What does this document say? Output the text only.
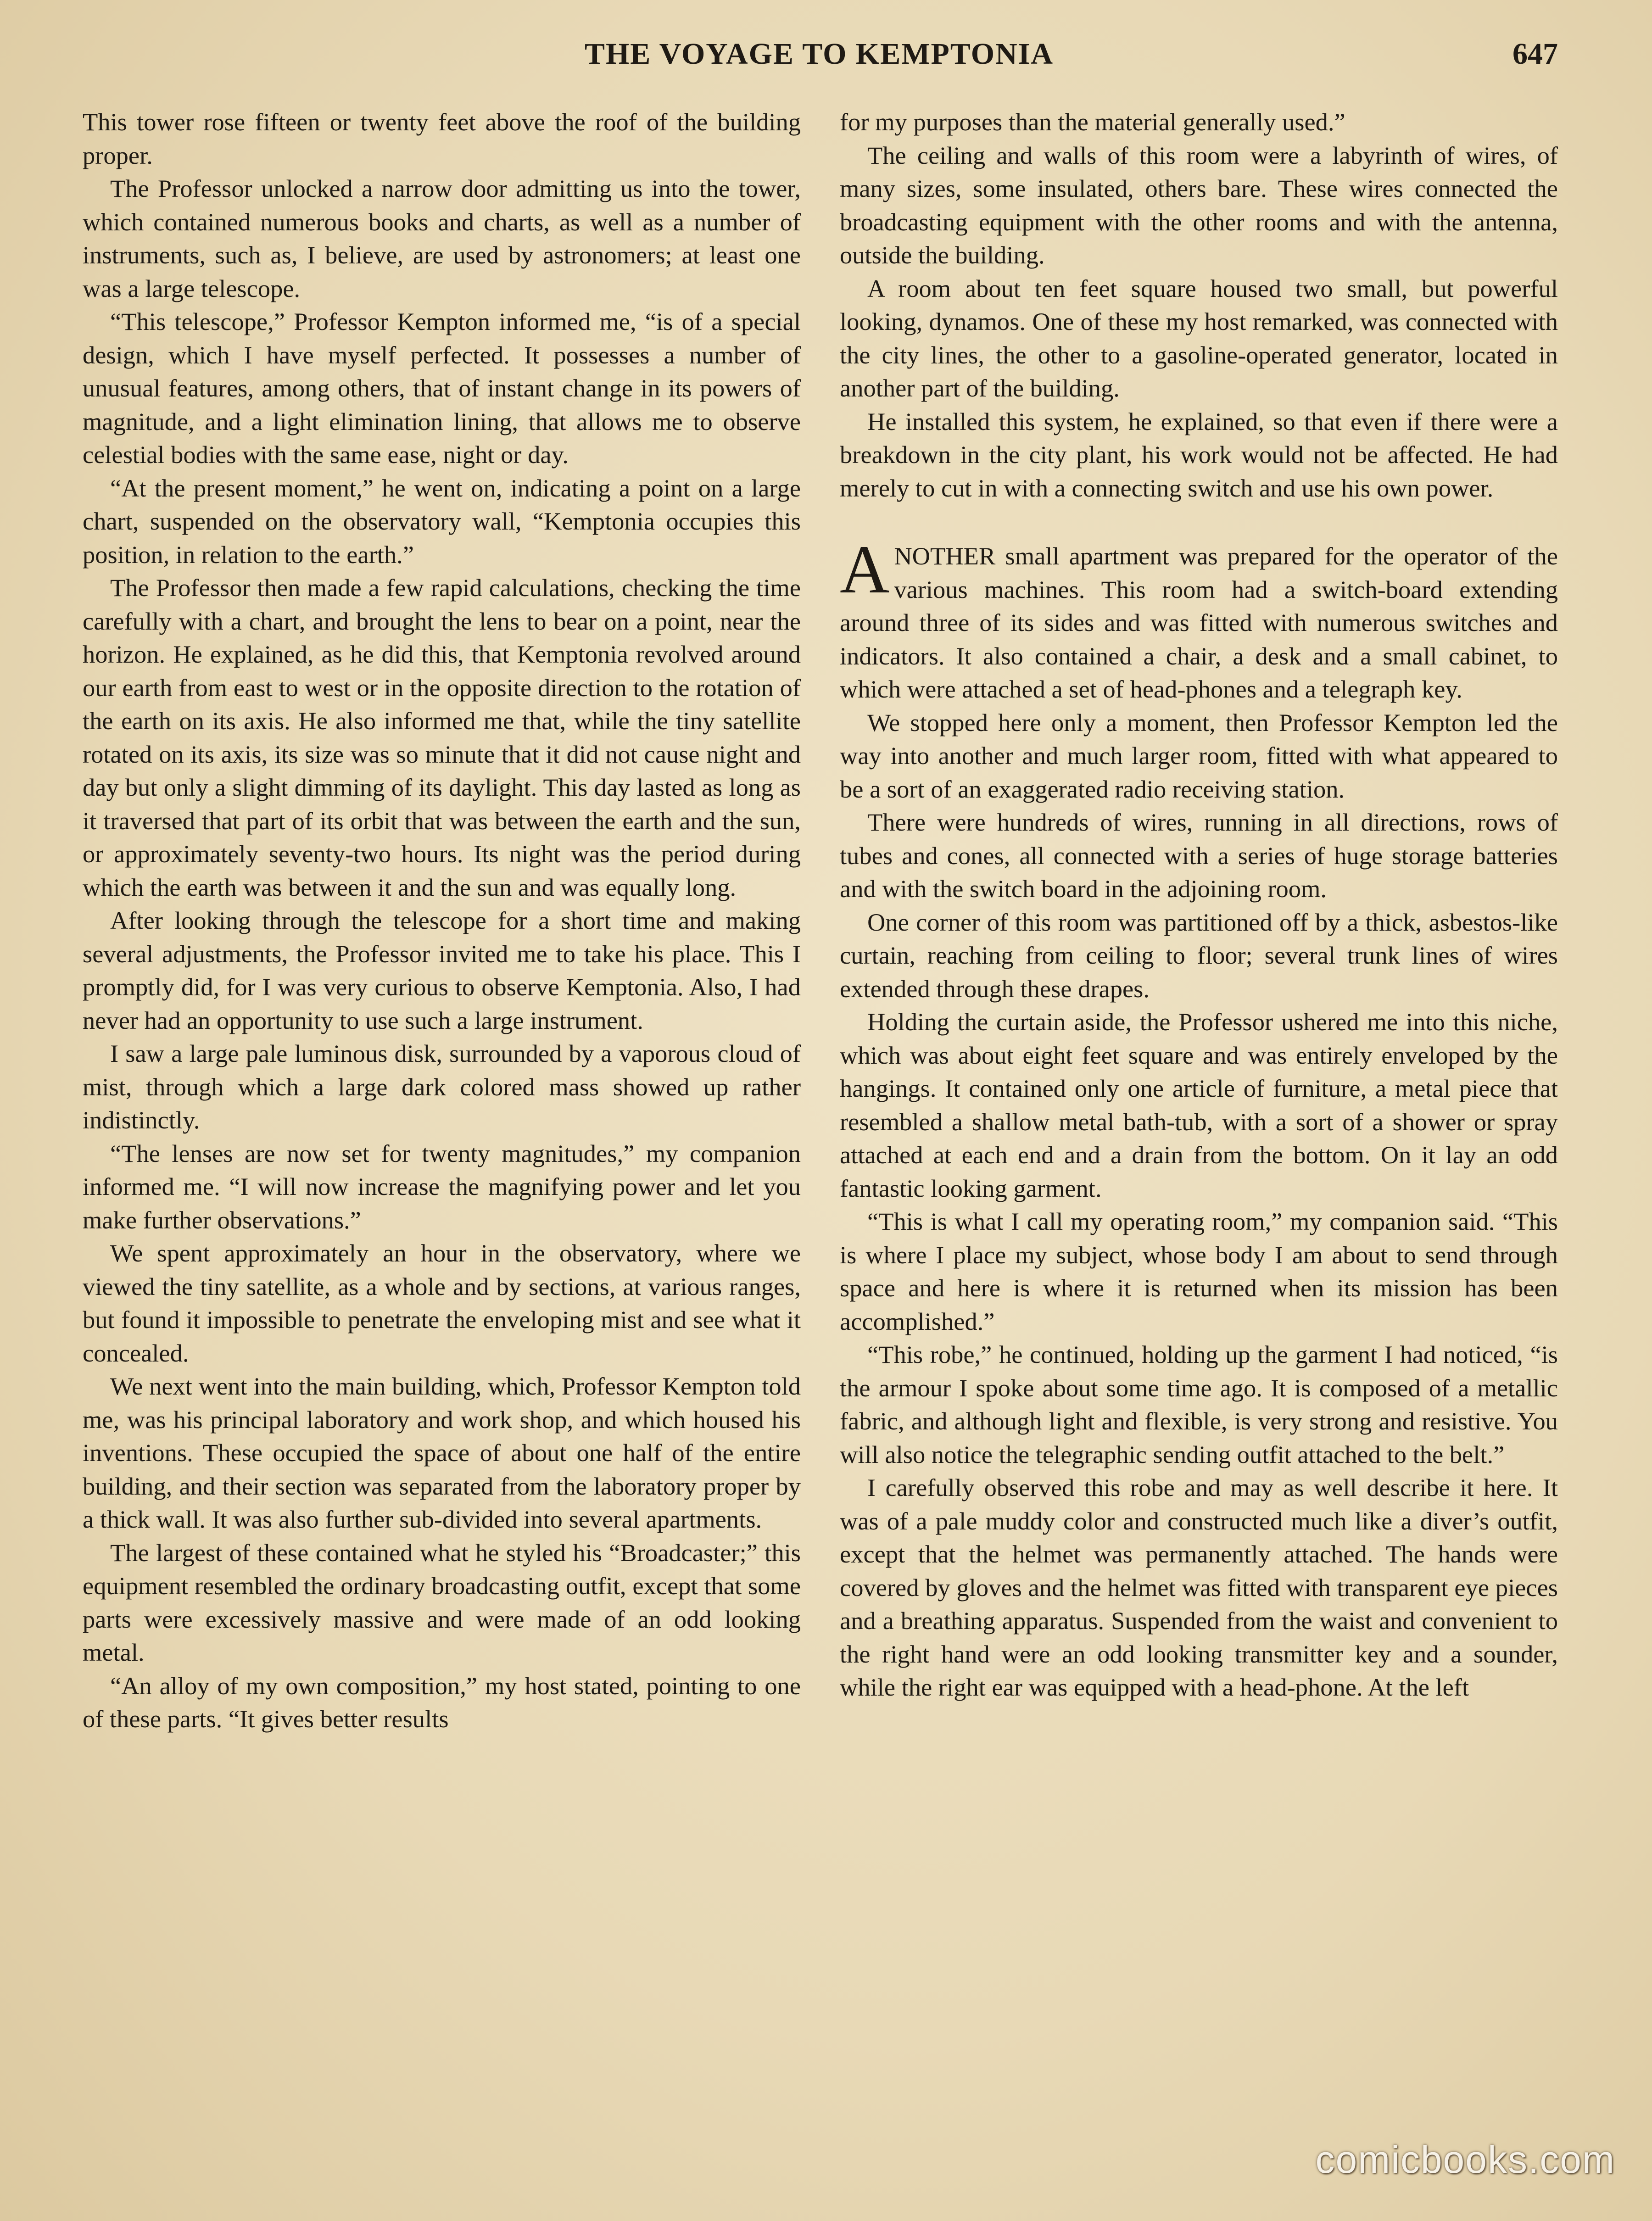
THE VOYAGE TO KEMPTONIA	647

This tower rose fifteen or twenty feet above the roof of the building proper.

The Professor unlocked a narrow door admitting us into the tower, which contained numerous books and charts, as well as a number of instruments, such as, I believe, are used by astronomers; at least one was a large telescope.

“This telescope,” Professor Kempton informed me, “is of a special design, which I have myself perfected. It possesses a number of unusual features, among others, that of instant change in its powers of magnitude, and a light elimination lining, that allows me to observe celestial bodies with the same ease, night or day.

“At the present moment,” he went on, indicating a point on a large chart, suspended on the observatory wall, “Kemptonia occupies this position, in relation to the earth.”

The Professor then made a few rapid calculations, checking the time carefully with a chart, and brought the lens to bear on a point, near the horizon. He explained, as he did this, that Kemptonia revolved around our earth from east to west or in the opposite direction to the rotation of the earth on its axis. He also informed me that, while the tiny satellite rotated on its axis, its size was so minute that it did not cause night and day but only a slight dimming of its daylight. This day lasted as long as it traversed that part of its orbit that was between the earth and the sun, or approximately seventy-two hours. Its night was the period during which the earth was between it and the sun and was equally long.

After looking through the telescope for a short time and making several adjustments, the Professor invited me to take his place. This I promptly did, for I was very curious to observe Kemptonia. Also, I had never had an opportunity to use such a large instrument.

I saw a large pale luminous disk, surrounded by a vaporous cloud of mist, through which a large dark colored mass showed up rather indistinctly.

“The lenses are now set for twenty magnitudes,” my companion informed me. “I will now increase the magnifying power and let you make further observations.”

We spent approximately an hour in the observatory, where we viewed the tiny satellite, as a whole and by sections, at various ranges, but found it impossible to penetrate the enveloping mist and see what it concealed.

We next went into the main building, which, Professor Kempton told me, was his principal laboratory and work shop, and which housed his inventions. These occupied the space of about one half of the entire building, and their section was separated from the laboratory proper by a thick wall. It was also further sub-divided into several apartments.

The largest of these contained what he styled his “Broadcaster;” this equipment resembled the ordinary broadcasting outfit, except that some parts were excessively massive and were made of an odd looking metal.

“An alloy of my own composition,” my host stated, pointing to one of these parts. “It gives better results

for my purposes than the material generally used.”

The ceiling and walls of this room were a labyrinth of wires, of many sizes, some insulated, others bare. These wires connected the broadcasting equipment with the other rooms and with the antenna, outside the building.

A room about ten feet square housed two small, but powerful looking, dynamos. One of these my host remarked, was connected with the city lines, the other to a gasoline-operated generator, located in another part of the building.

He installed this system, he explained, so that even if there were a breakdown in the city plant, his work would not be affected. He had merely to cut in with a connecting switch and use his own power.

ANOTHER small apartment was prepared for the operator of the various machines. This room had a switch-board extending around three of its sides and was fitted with numerous switches and indicators. It also contained a chair, a desk and a small cabinet, to which were attached a set of head-phones and a telegraph key.

We stopped here only a moment, then Professor Kempton led the way into another and much larger room, fitted with what appeared to be a sort of an exaggerated radio receiving station.

There were hundreds of wires, running in all directions, rows of tubes and cones, all connected with a series of huge storage batteries and with the switch board in the adjoining room.

One corner of this room was partitioned off by a thick, asbestos-like curtain, reaching from ceiling to floor; several trunk lines of wires extended through these drapes.

Holding the curtain aside, the Professor ushered me into this niche, which was about eight feet square and was entirely enveloped by the hangings. It contained only one article of furniture, a metal piece that resembled a shallow metal bath-tub, with a sort of a shower or spray attached at each end and a drain from the bottom. On it lay an odd fantastic looking garment.

“This is what I call my operating room,” my companion said. “This is where I place my subject, whose body I am about to send through space and here is where it is returned when its mission has been accomplished.”

“This robe,” he continued, holding up the garment I had noticed, “is the armour I spoke about some time ago. It is composed of a metallic fabric, and although light and flexible, is very strong and resistive. You will also notice the telegraphic sending outfit attached to the belt.”

I carefully observed this robe and may as well describe it here. It was of a pale muddy color and constructed much like a diver’s outfit, except that the helmet was permanently attached. The hands were covered by gloves and the helmet was fitted with transparent eye pieces and a breathing apparatus. Suspended from the waist and convenient to the right hand were an odd looking transmitter key and a sounder, while the right ear was equipped with a head-phone. At the left

comicbooks.com
